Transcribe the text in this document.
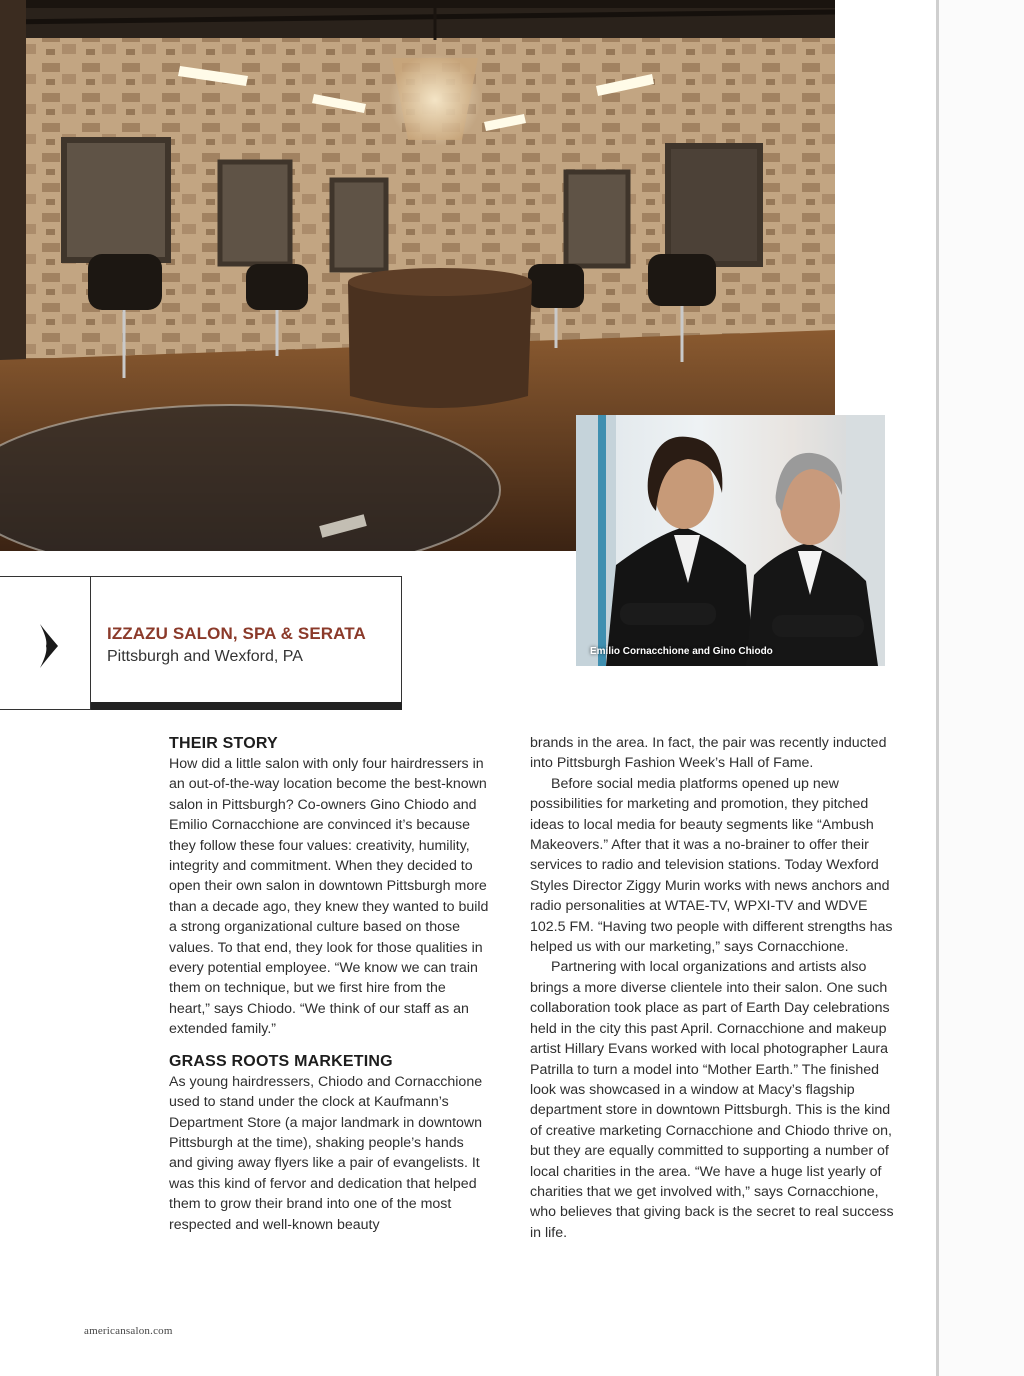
Emilio Cornacchione and Gino Chiodo
IZZAZU SALON, SPA & SERATA
Pittsburgh and Wexford, PA
THEIR STORY

How did a little salon with only four hairdressers in an out-of-the-way location become the best-known salon in Pittsburgh? Co-owners Gino Chiodo and Emilio Cornacchione are convinced it’s because they follow these four values: creativity, humility, integrity and commitment. When they decided to open their own salon in downtown Pittsburgh more than a decade ago, they knew they wanted to build a strong organizational culture based on those values. To that end, they look for those qualities in every potential employee. “We know we can train them on technique, but we first hire from the heart,” says Chiodo. “We think of our staff as an extended family.”

GRASS ROOTS MARKETING

As young hairdressers, Chiodo and Cornacchione used to stand under the clock at Kaufmann’s Department Store (a major landmark in downtown Pittsburgh at the time), shaking people’s hands and giving away flyers like a pair of evangelists. It was this kind of fervor and dedication that helped them to grow their brand into one of the most respected and well-known beauty

brands in the area. In fact, the pair was recently inducted into Pittsburgh Fashion Week’s Hall of Fame.

Before social media platforms opened up new possibilities for marketing and promotion, they pitched ideas to local media for beauty segments like “Ambush Makeovers.” After that it was a no-brainer to offer their services to radio and television stations. Today Wexford Styles Director Ziggy Murin works with news anchors and radio personalities at WTAE-TV, WPXI-TV and WDVE 102.5 FM. “Having two people with different strengths has helped us with our marketing,” says Cornacchione.

Partnering with local organizations and artists also brings a more diverse clientele into their salon. One such collaboration took place as part of Earth Day celebrations held in the city this past April. Cornacchione and makeup artist Hillary Evans worked with local photographer Laura Patrilla to turn a model into “Mother Earth.” The finished look was showcased in a window at Macy’s flagship department store in downtown Pittsburgh. This is the kind of creative marketing Cornacchione and Chiodo thrive on, but they are equally committed to supporting a number of local charities in the area. “We have a huge list yearly of charities that we get involved with,” says Cornacchione, who believes that giving back is the secret to real success in life.

americansalon.com
